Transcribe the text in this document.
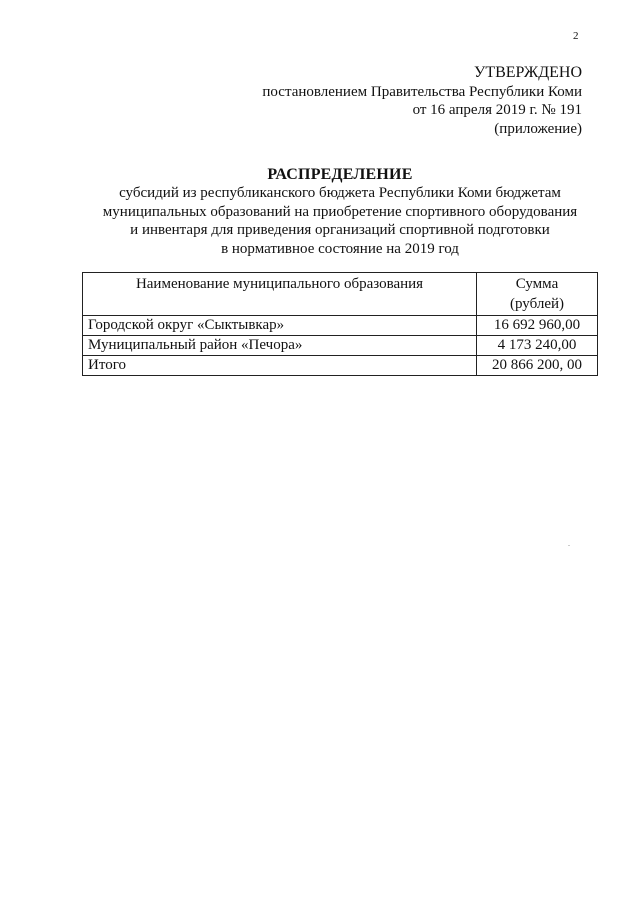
2
УТВЕРЖДЕНО
постановлением Правительства Республики Коми
от 16 апреля 2019 г. № 191
(приложение)
РАСПРЕДЕЛЕНИЕ
субсидий из республиканского бюджета Республики Коми бюджетам
муниципальных образований на приобретение спортивного оборудования
и инвентаря для приведения организаций спортивной подготовки
в нормативное состояние на 2019 год
Наименование муниципального образования	Сумма
(рублей)

Городской округ «Сыктывкар»	16 692 960,00
Муниципальный район «Печора»	4 173 240,00
Итого	20 866 200, 00
